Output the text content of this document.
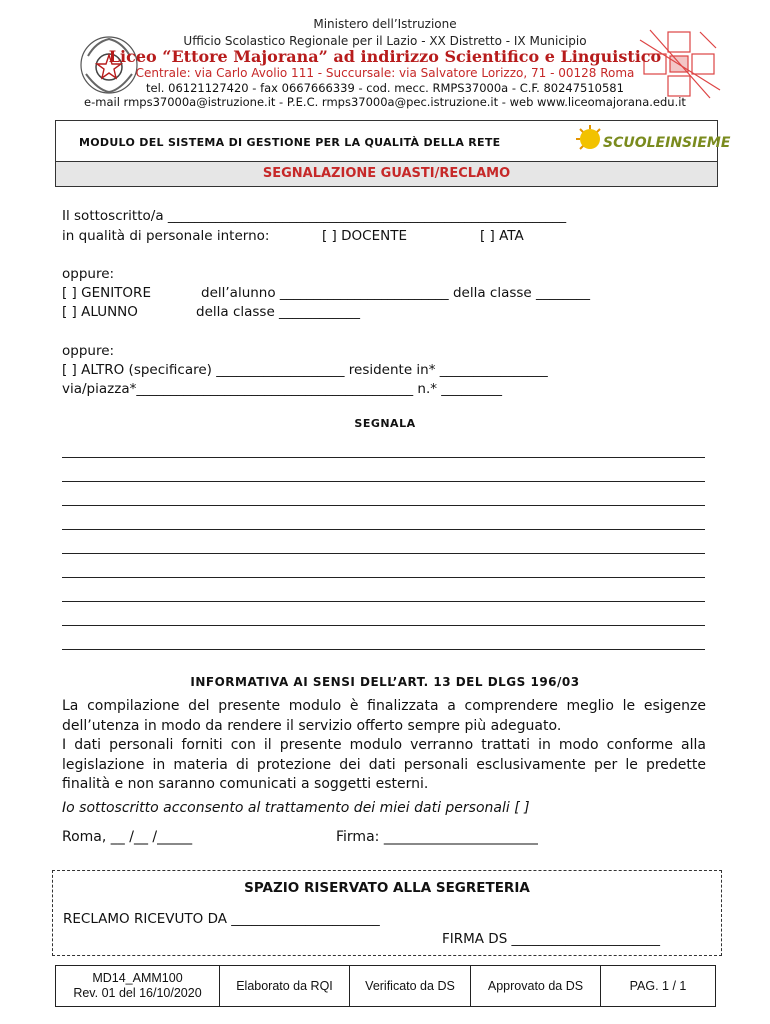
Ministero dell’Istruzione
Ufficio Scolastico Regionale per il Lazio - XX Distretto - IX Municipio
Liceo “Ettore Majorana” ad indirizzo Scientifico e Linguistico
Centrale: via Carlo Avolio 111 - Succursale: via Salvatore Lorizzo, 71 - 00128 Roma
tel. 06121127420 - fax 0667666339 - cod. mecc. RMPS37000a - C.F. 80247510581
e-mail rmps37000a@istruzione.it - P.E.C. rmps37000a@pec.istruzione.it - web www.liceomajorana.edu.it
MODULO DEL SISTEMA DI GESTIONE PER LA QUALITÀ DELLA RETE	SCUOLEINSIEME
SEGNALAZIONE GUASTI/RECLAMO
Il sottoscritto/a ___________________________________________________________
in qualità di personale interno:	[ ] DOCENTE	[ ] ATA
oppure:
[ ] GENITORE	dell’alunno _________________________ della classe ________
[ ] ALUNNO	della classe ____________
oppure:
[ ] ALTRO (specificare) ___________________ residente in* ________________
via/piazza*_________________________________________ n.* _________
SEGNALA
INFORMATIVA AI SENSI DELL’ART. 13 DEL DLGS 196/03
La compilazione del presente modulo è finalizzata a comprendere meglio le esigenze dell’utenza in modo da rendere il servizio offerto sempre più adeguato.
I dati personali forniti con il presente modulo verranno trattati in modo conforme alla legislazione in materia di protezione dei dati personali esclusivamente per le predette finalità e non saranno comunicati a soggetti esterni.
Io sottoscritto acconsento al trattamento dei miei dati personali [ ]
Roma, __ /__ /_____	Firma: ______________________
SPAZIO RISERVATO ALLA SEGRETERIA
RECLAMO RICEVUTO DA ______________________
FIRMA DS ______________________
MD14_AMM100
Rev. 01 del 16/10/2020	Elaborato da RQI	Verificato da DS	Approvato da DS	PAG. 1 / 1
